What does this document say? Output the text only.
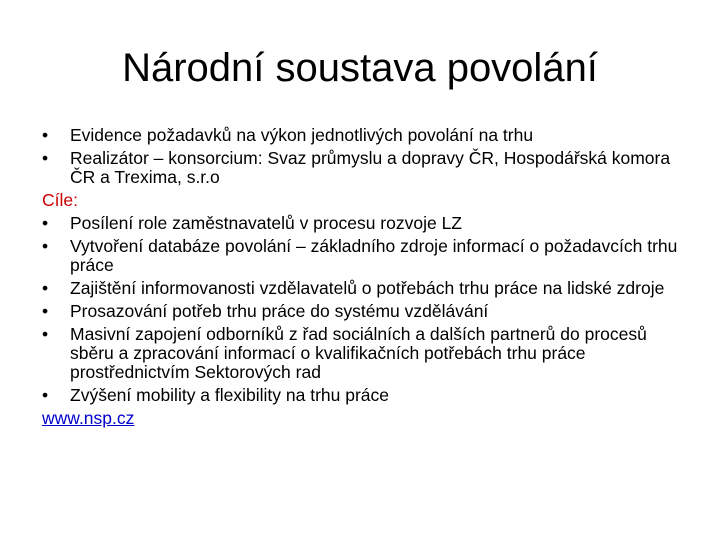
Národní soustava povolání
•	Evidence požadavků na výkon jednotlivých povolání na trhu
•	Realizátor – konsorcium: Svaz průmyslu a dopravy ČR, Hospodářská komora ČR a Trexima, s.r.o
Cíle:
•	Posílení role zaměstnavatelů v procesu rozvoje LZ
•	Vytvoření databáze povolání – základního zdroje informací o požadavcích trhu práce
•	Zajištění informovanosti vzdělavatelů o potřebách trhu práce na lidské zdroje
•	Prosazování potřeb trhu práce do systému vzdělávání
•	Masivní zapojení odborníků z řad sociálních a dalších partnerů do procesů sběru a zpracování informací o kvalifikačních potřebách trhu práce prostřednictvím Sektorových rad
•	Zvýšení mobility a flexibility na trhu práce
www.nsp.cz
